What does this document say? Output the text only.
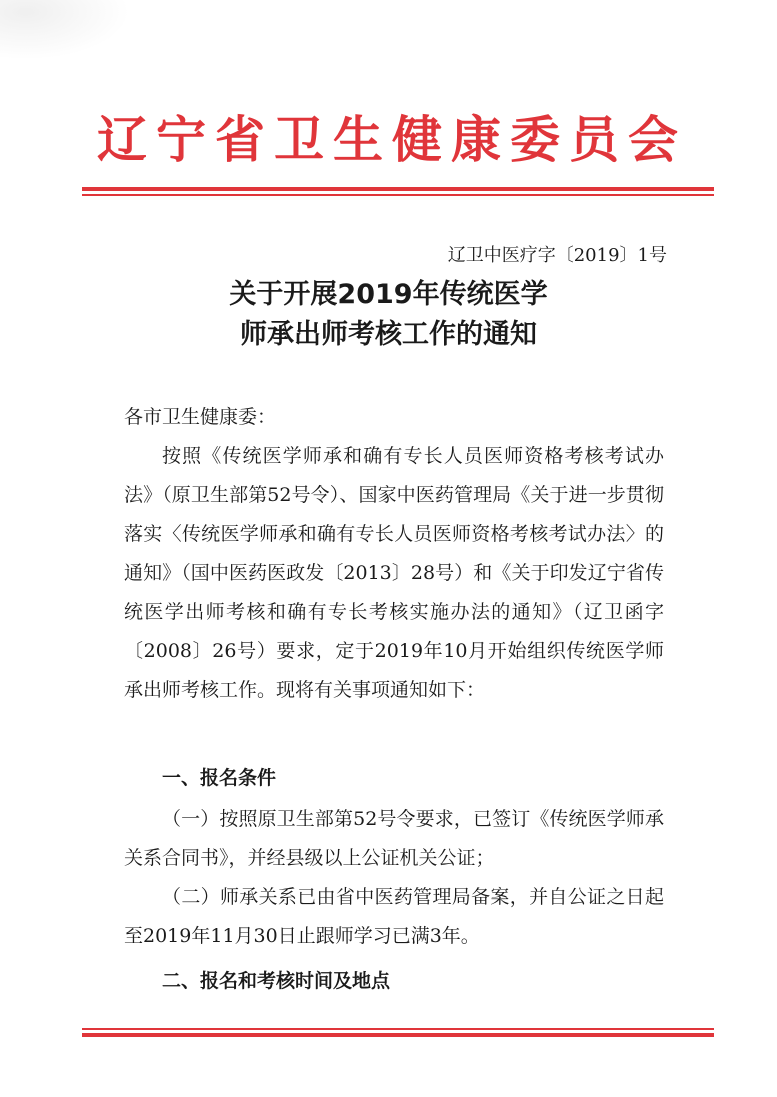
辽宁省卫生健康委员会
辽卫中医疗字〔2019〕1号
关于开展2019年传统医学
师承出师考核工作的通知
各市卫生健康委：

按照《传统医学师承和确有专长人员医师资格考核考试办法》（原卫生部第52号令）、国家中医药管理局《关于进一步贯彻落实〈传统医学师承和确有专长人员医师资格考核考试办法〉的通知》（国中医药医政发〔2013〕28号）和《关于印发辽宁省传统医学出师考核和确有专长考核实施办法的通知》（辽卫函字〔2008〕26号）要求，定于2019年10月开始组织传统医学师承出师考核工作。现将有关事项通知如下：

一、报名条件

（一）按照原卫生部第52号令要求，已签订《传统医学师承关系合同书》，并经县级以上公证机关公证；

（二）师承关系已由省中医药管理局备案，并自公证之日起至2019年11月30日止跟师学习已满3年。

二、报名和考核时间及地点
